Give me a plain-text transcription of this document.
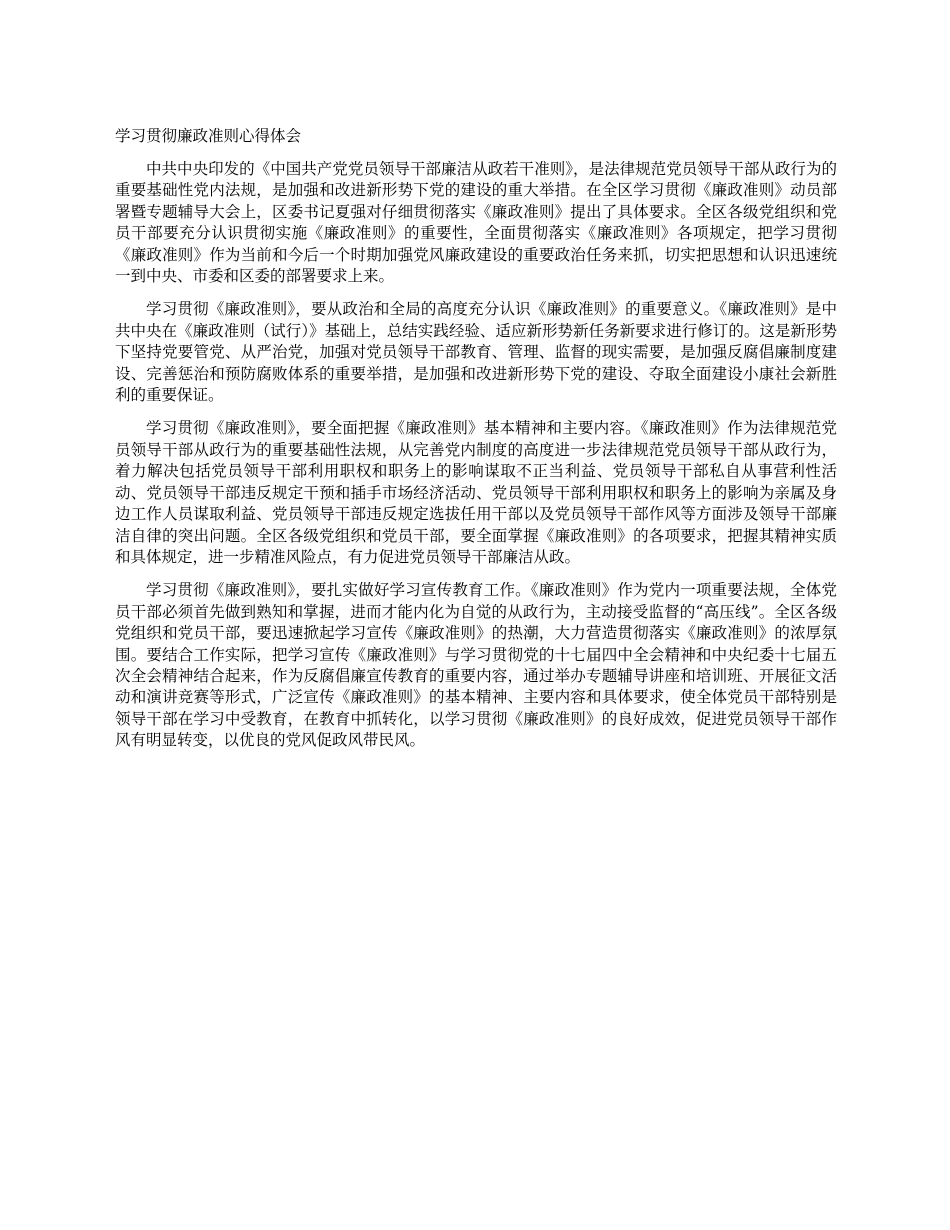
学习贯彻廉政准则心得体会

中共中央印发的《中国共产党党员领导干部廉洁从政若干准则》，是法律规范党员领导干部从政行为的重要基础性党内法规，是加强和改进新形势下党的建设的重大举措。在全区学习贯彻《廉政准则》动员部署暨专题辅导大会上，区委书记夏强对仔细贯彻落实《廉政准则》提出了具体要求。全区各级党组织和党员干部要充分认识贯彻实施《廉政准则》的重要性，全面贯彻落实《廉政准则》各项规定，把学习贯彻《廉政准则》作为当前和今后一个时期加强党风廉政建设的重要政治任务来抓，切实把思想和认识迅速统一到中央、市委和区委的部署要求上来。

学习贯彻《廉政准则》，要从政治和全局的高度充分认识《廉政准则》的重要意义。《廉政准则》是中共中央在《廉政准则（试行）》基础上，总结实践经验、适应新形势新任务新要求进行修订的。这是新形势下坚持党要管党、从严治党，加强对党员领导干部教育、管理、监督的现实需要，是加强反腐倡廉制度建设、完善惩治和预防腐败体系的重要举措，是加强和改进新形势下党的建设、夺取全面建设小康社会新胜利的重要保证。

学习贯彻《廉政准则》，要全面把握《廉政准则》基本精神和主要内容。《廉政准则》作为法律规范党员领导干部从政行为的重要基础性法规，从完善党内制度的高度进一步法律规范党员领导干部从政行为，着力解决包括党员领导干部利用职权和职务上的影响谋取不正当利益、党员领导干部私自从事营利性活动、党员领导干部违反规定干预和插手市场经济活动、党员领导干部利用职权和职务上的影响为亲属及身边工作人员谋取利益、党员领导干部违反规定选拔任用干部以及党员领导干部作风等方面涉及领导干部廉洁自律的突出问题。全区各级党组织和党员干部，要全面掌握《廉政准则》的各项要求，把握其精神实质和具体规定，进一步精准风险点，有力促进党员领导干部廉洁从政。

学习贯彻《廉政准则》，要扎实做好学习宣传教育工作。《廉政准则》作为党内一项重要法规，全体党员干部必须首先做到熟知和掌握，进而才能内化为自觉的从政行为，主动接受监督的“高压线”。全区各级党组织和党员干部，要迅速掀起学习宣传《廉政准则》的热潮，大力营造贯彻落实《廉政准则》的浓厚氛围。要结合工作实际，把学习宣传《廉政准则》与学习贯彻党的十七届四中全会精神和中央纪委十七届五次全会精神结合起来，作为反腐倡廉宣传教育的重要内容，通过举办专题辅导讲座和培训班、开展征文活动和演讲竞赛等形式，广泛宣传《廉政准则》的基本精神、主要内容和具体要求，使全体党员干部特别是领导干部在学习中受教育，在教育中抓转化，以学习贯彻《廉政准则》的良好成效，促进党员领导干部作风有明显转变，以优良的党风促政风带民风。
